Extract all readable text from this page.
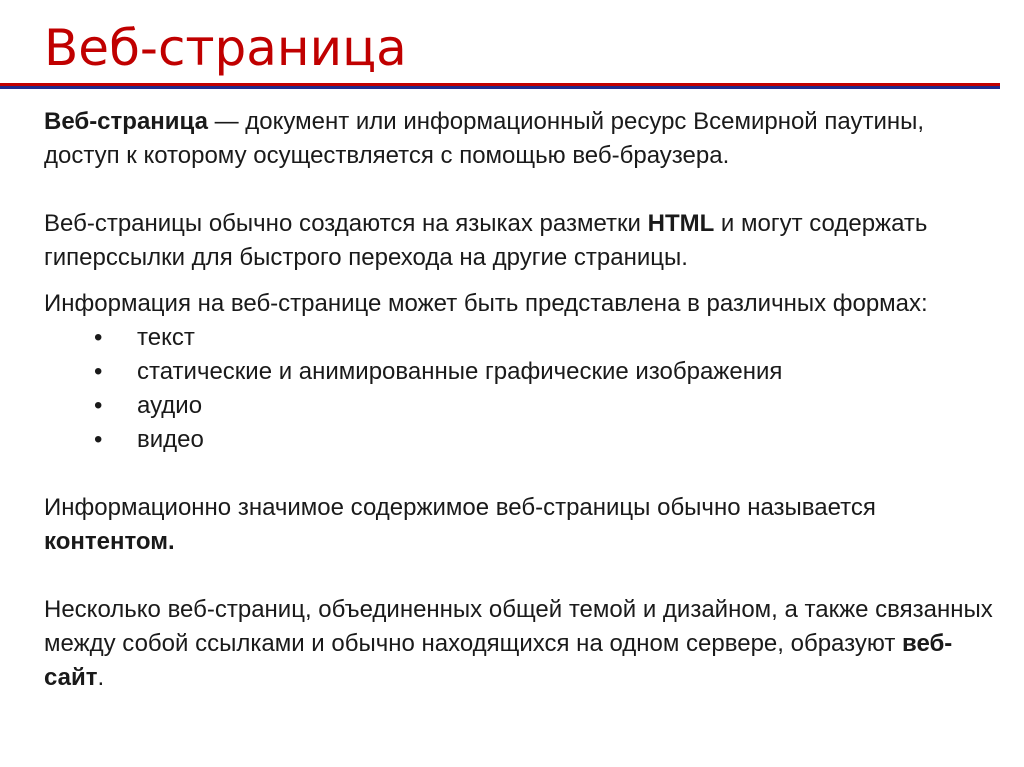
Веб-страница

Веб-страница — документ или информационный ресурс Всемирной паутины, доступ к которому осуществляется с помощью веб-браузера.

Веб-страницы обычно создаются на языках разметки HTML и могут содержать гиперссылки для быстрого перехода на другие страницы.

Информация на веб-странице может быть представлена в различных формах:

• текст
• статические и анимированные графические изображения
• аудио
• видео

Информационно значимое содержимое веб-страницы обычно называется контентом.

Несколько веб-страниц, объединенных общей темой и дизайном, а также связанных между собой ссылками и обычно находящихся на одном сервере, образуют веб-сайт.
